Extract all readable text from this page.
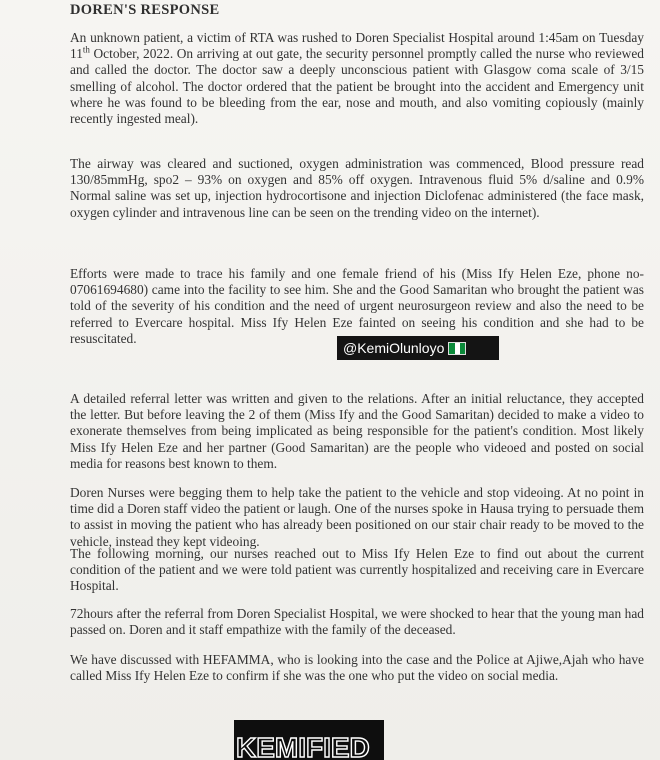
DOREN'S RESPONSE
An unknown patient, a victim of RTA was rushed to Doren Specialist Hospital around 1:45am on Tuesday 11th October, 2022. On arriving at out gate, the security personnel promptly called the nurse who reviewed and called the doctor. The doctor saw a deeply unconscious patient with Glasgow coma scale of 3/15 smelling of alcohol. The doctor ordered that the patient be brought into the accident and Emergency unit where he was found to be bleeding from the ear, nose and mouth, and also vomiting copiously (mainly recently ingested meal).
The airway was cleared and suctioned, oxygen administration was commenced, Blood pressure read 130/85mmHg, spo2 – 93% on oxygen and 85% off oxygen. Intravenous fluid 5% d/saline and 0.9% Normal saline was set up, injection hydrocortisone and injection Diclofenac administered (the face mask, oxygen cylinder and intravenous line can be seen on the trending video on the internet).
Efforts were made to trace his family and one female friend of his (Miss Ify Helen Eze, phone no- 07061694680) came into the facility to see him. She and the Good Samaritan who brought the patient was told of the severity of his condition and the need of urgent neurosurgeon review and also the need to be referred to Evercare hospital. Miss Ify Helen Eze fainted on seeing his condition and she had to be resuscitated.
A detailed referral letter was written and given to the relations. After an initial reluctance, they accepted the letter. But before leaving the 2 of them (Miss Ify and the Good Samaritan) decided to make a video to exonerate themselves from being implicated as being responsible for the patient's condition. Most likely Miss Ify Helen Eze and her partner (Good Samaritan) are the people who videoed and posted on social media for reasons best known to them.
Doren Nurses were begging them to help take the patient to the vehicle and stop videoing. At no point in time did a Doren staff video the patient or laugh. One of the nurses spoke in Hausa trying to persuade them to assist in moving the patient who has already been positioned on our stair chair ready to be moved to the vehicle, instead they kept videoing.
The following morning, our nurses reached out to Miss Ify Helen Eze to find out about the current condition of the patient and we were told patient was currently hospitalized and receiving care in Evercare Hospital.
72hours after the referral from Doren Specialist Hospital, we were shocked to hear that the young man had passed on. Doren and it staff empathize with the family of the deceased.
We have discussed with HEFAMMA, who is looking into the case and the Police at Ajiwe,Ajah who have called Miss Ify Helen Eze to confirm if she was the one who put the video on social media.
@KemiOlunloyo
KEMIFIED
